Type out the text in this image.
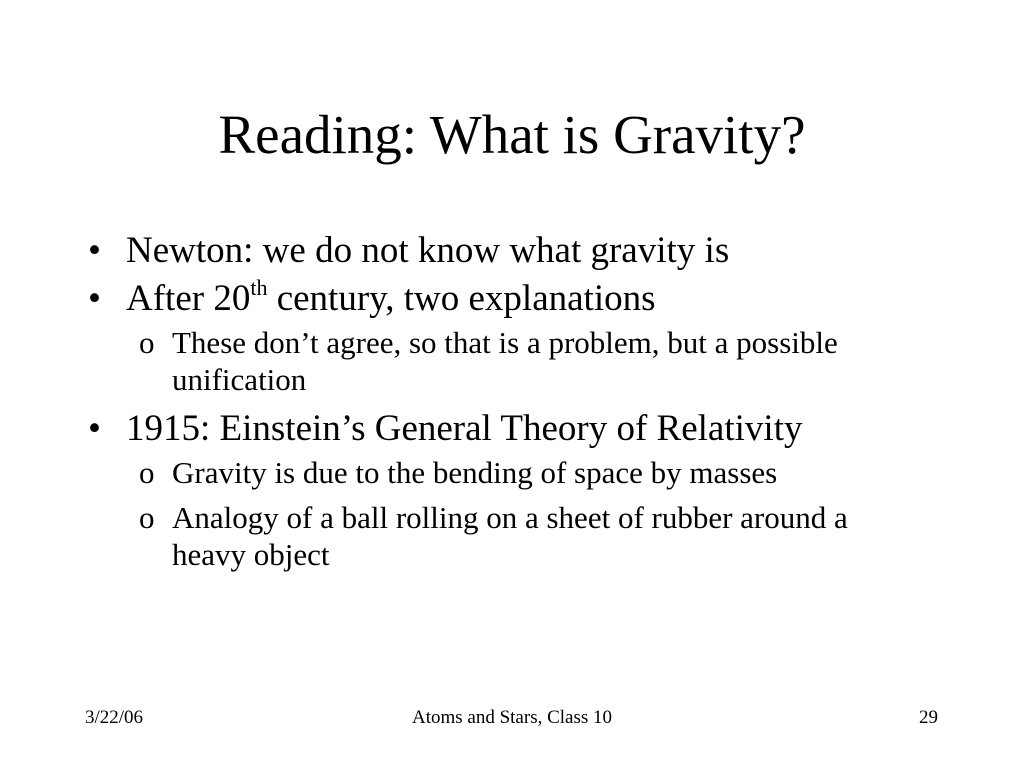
Reading: What is Gravity?
• Newton: we do not know what gravity is
• After 20th century, two explanations
o These don’t agree, so that is a problem, but a possible unification
• 1915: Einstein’s General Theory of Relativity
o Gravity is due to the bending of space by masses
o Analogy of a ball rolling on a sheet of rubber around a heavy object
3/22/06	Atoms and Stars, Class 10	29
